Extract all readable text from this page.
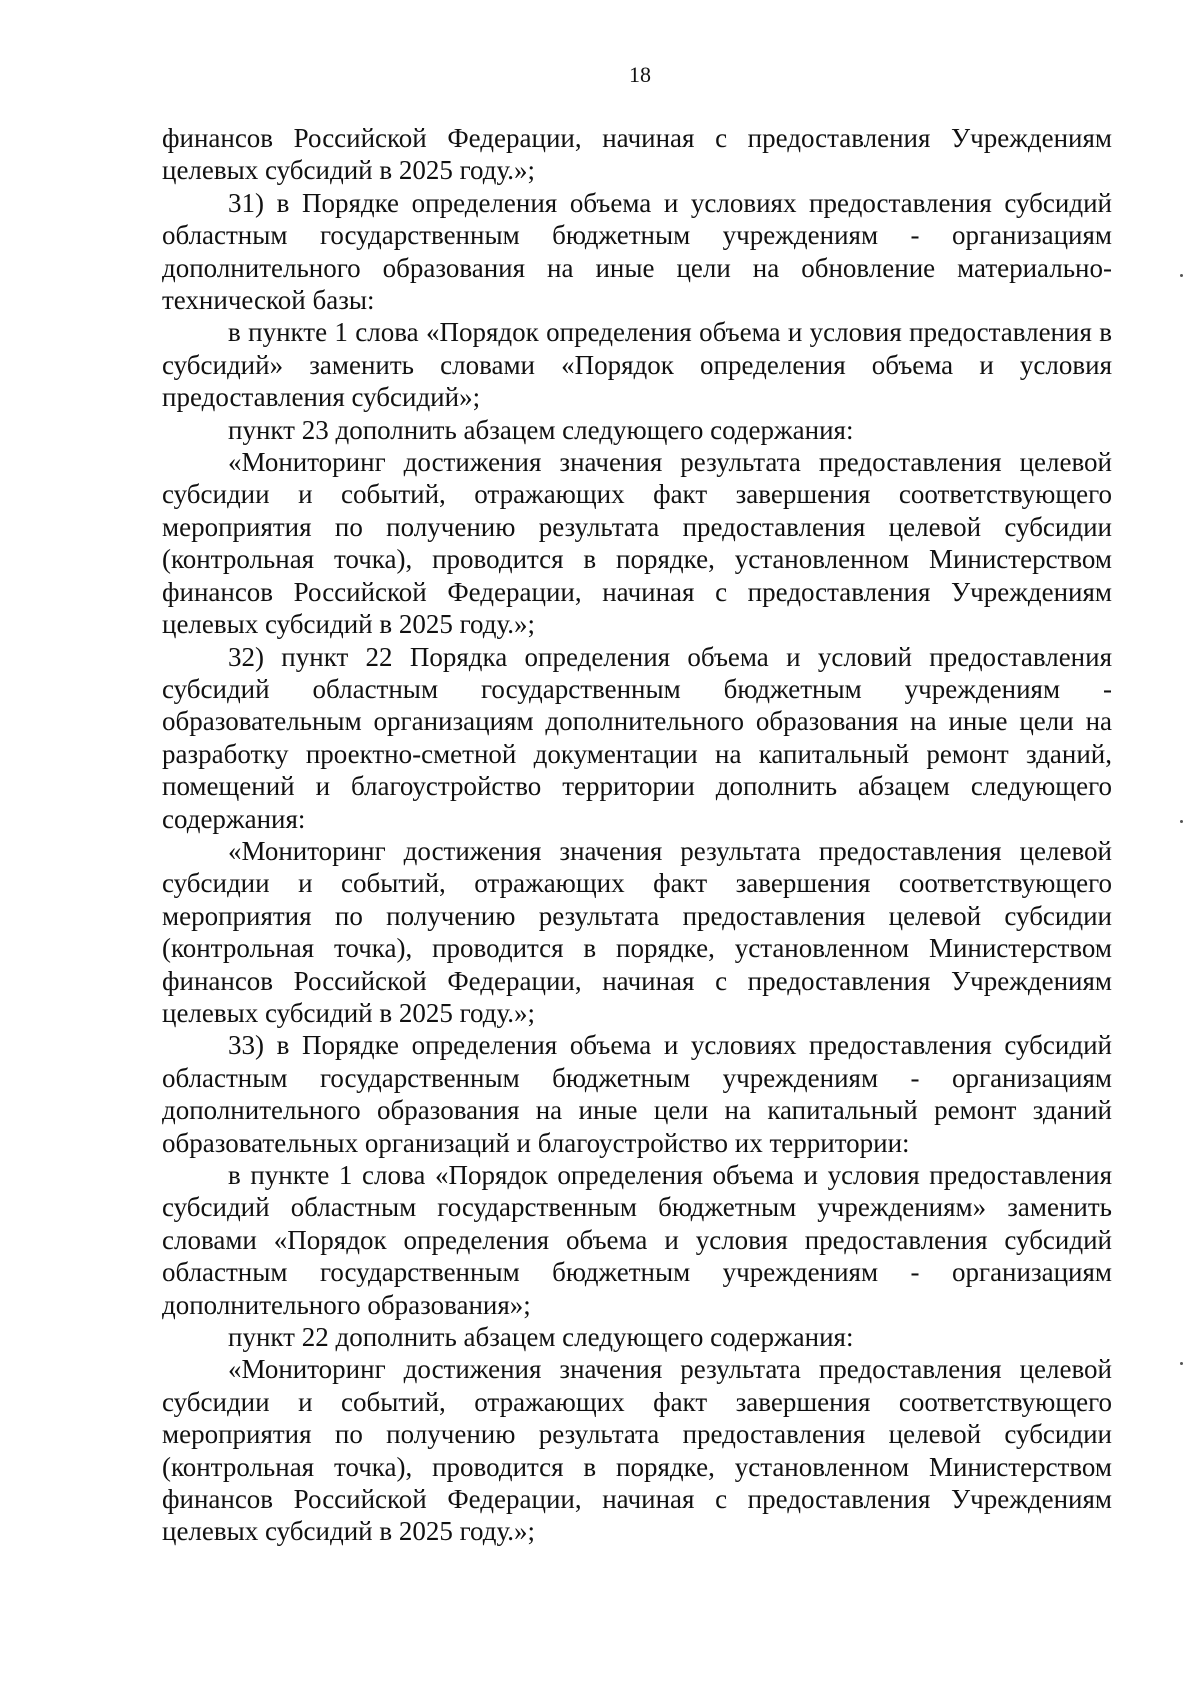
18

финансов Российской Федерации, начиная с предоставления Учреждениям целевых субсидий в 2025 году.»;

31) в Порядке определения объема и условиях предоставления субсидий областным государственным бюджетным учреждениям - организациям дополнительного образования на иные цели на обновление материально-технической базы:

в пункте 1 слова «Порядок определения объема и условия предоставления в субсидий» заменить словами «Порядок определения объема и условия предоставления субсидий»;

пункт 23 дополнить абзацем следующего содержания:

«Мониторинг достижения значения результата предоставления целевой субсидии и событий, отражающих факт завершения соответствующего мероприятия по получению результата предоставления целевой субсидии (контрольная точка), проводится в порядке, установленном Министерством финансов Российской Федерации, начиная с предоставления Учреждениям целевых субсидий в 2025 году.»;

32) пункт 22 Порядка определения объема и условий предоставления субсидий областным государственным бюджетным учреждениям - образовательным организациям дополнительного образования на иные цели на разработку проектно-сметной документации на капитальный ремонт зданий, помещений и благоустройство территории дополнить абзацем следующего содержания:

«Мониторинг достижения значения результата предоставления целевой субсидии и событий, отражающих факт завершения соответствующего мероприятия по получению результата предоставления целевой субсидии (контрольная точка), проводится в порядке, установленном Министерством финансов Российской Федерации, начиная с предоставления Учреждениям целевых субсидий в 2025 году.»;

33) в Порядке определения объема и условиях предоставления субсидий областным государственным бюджетным учреждениям - организациям дополнительного образования на иные цели на капитальный ремонт зданий образовательных организаций и благоустройство их территории:

в пункте 1 слова «Порядок определения объема и условия предоставления субсидий областным государственным бюджетным учреждениям» заменить словами «Порядок определения объема и условия предоставления субсидий областным государственным бюджетным учреждениям - организациям дополнительного образования»;

пункт 22 дополнить абзацем следующего содержания:

«Мониторинг достижения значения результата предоставления целевой субсидии и событий, отражающих факт завершения соответствующего мероприятия по получению результата предоставления целевой субсидии (контрольная точка), проводится в порядке, установленном Министерством финансов Российской Федерации, начиная с предоставления Учреждениям целевых субсидий в 2025 году.»;
